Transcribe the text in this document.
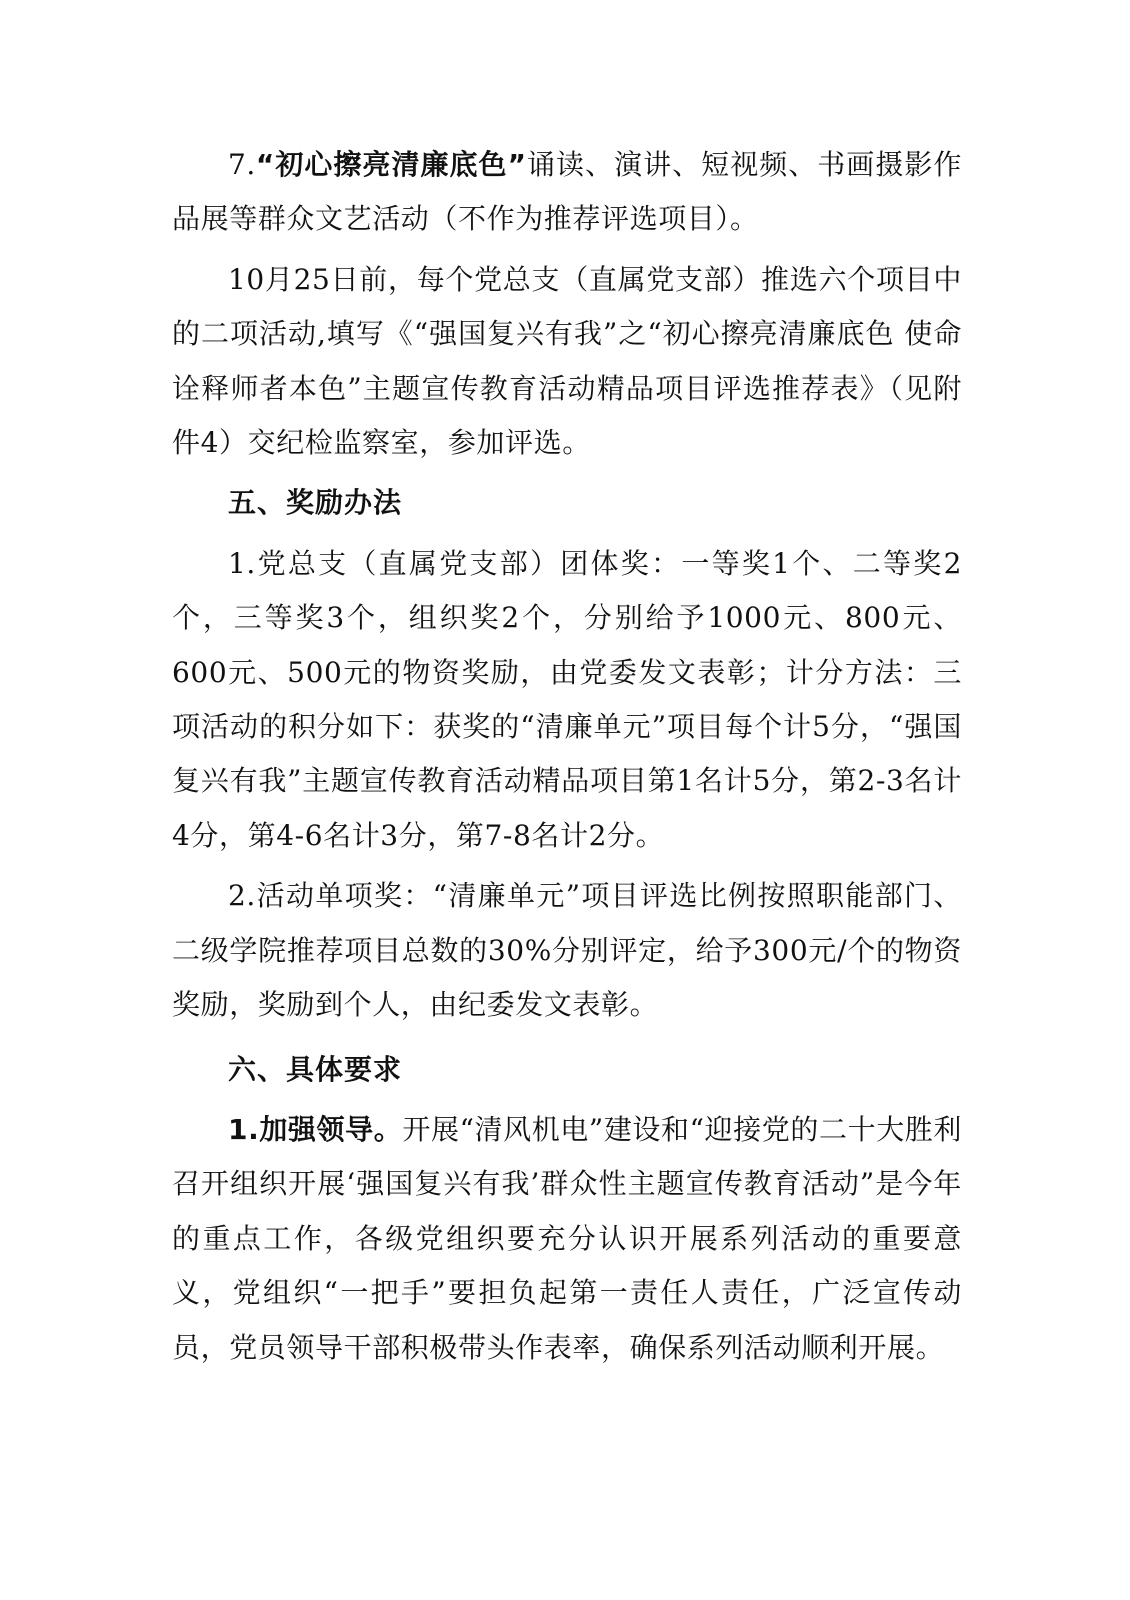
7.“初心擦亮清廉底色”诵读、演讲、短视频、书画摄影作品展等群众文艺活动（不作为推荐评选项目）。

10月25日前，每个党总支（直属党支部）推选六个项目中的二项活动,填写《“强国复兴有我”之“初心擦亮清廉底色 使命诠释师者本色”主题宣传教育活动精品项目评选推荐表》（见附件4）交纪检监察室，参加评选。

五、奖励办法

1.党总支（直属党支部）团体奖：一等奖1个、二等奖2个，三等奖3个，组织奖2个，分别给予1000元、800元、600元、500元的物资奖励，由党委发文表彰；计分方法：三项活动的积分如下：获奖的“清廉单元”项目每个计5分，“强国复兴有我”主题宣传教育活动精品项目第1名计5分，第2-3名计4分，第4-6名计3分，第7-8名计2分。

2.活动单项奖：“清廉单元”项目评选比例按照职能部门、二级学院推荐项目总数的30%分别评定，给予300元/个的物资奖励，奖励到个人，由纪委发文表彰。

六、具体要求

1.加强领导。开展“清风机电”建设和“迎接党的二十大胜利召开组织开展‘强国复兴有我’群众性主题宣传教育活动”是今年的重点工作，各级党组织要充分认识开展系列活动的重要意义，党组织“一把手”要担负起第一责任人责任，广泛宣传动员，党员领导干部积极带头作表率，确保系列活动顺利开展。
